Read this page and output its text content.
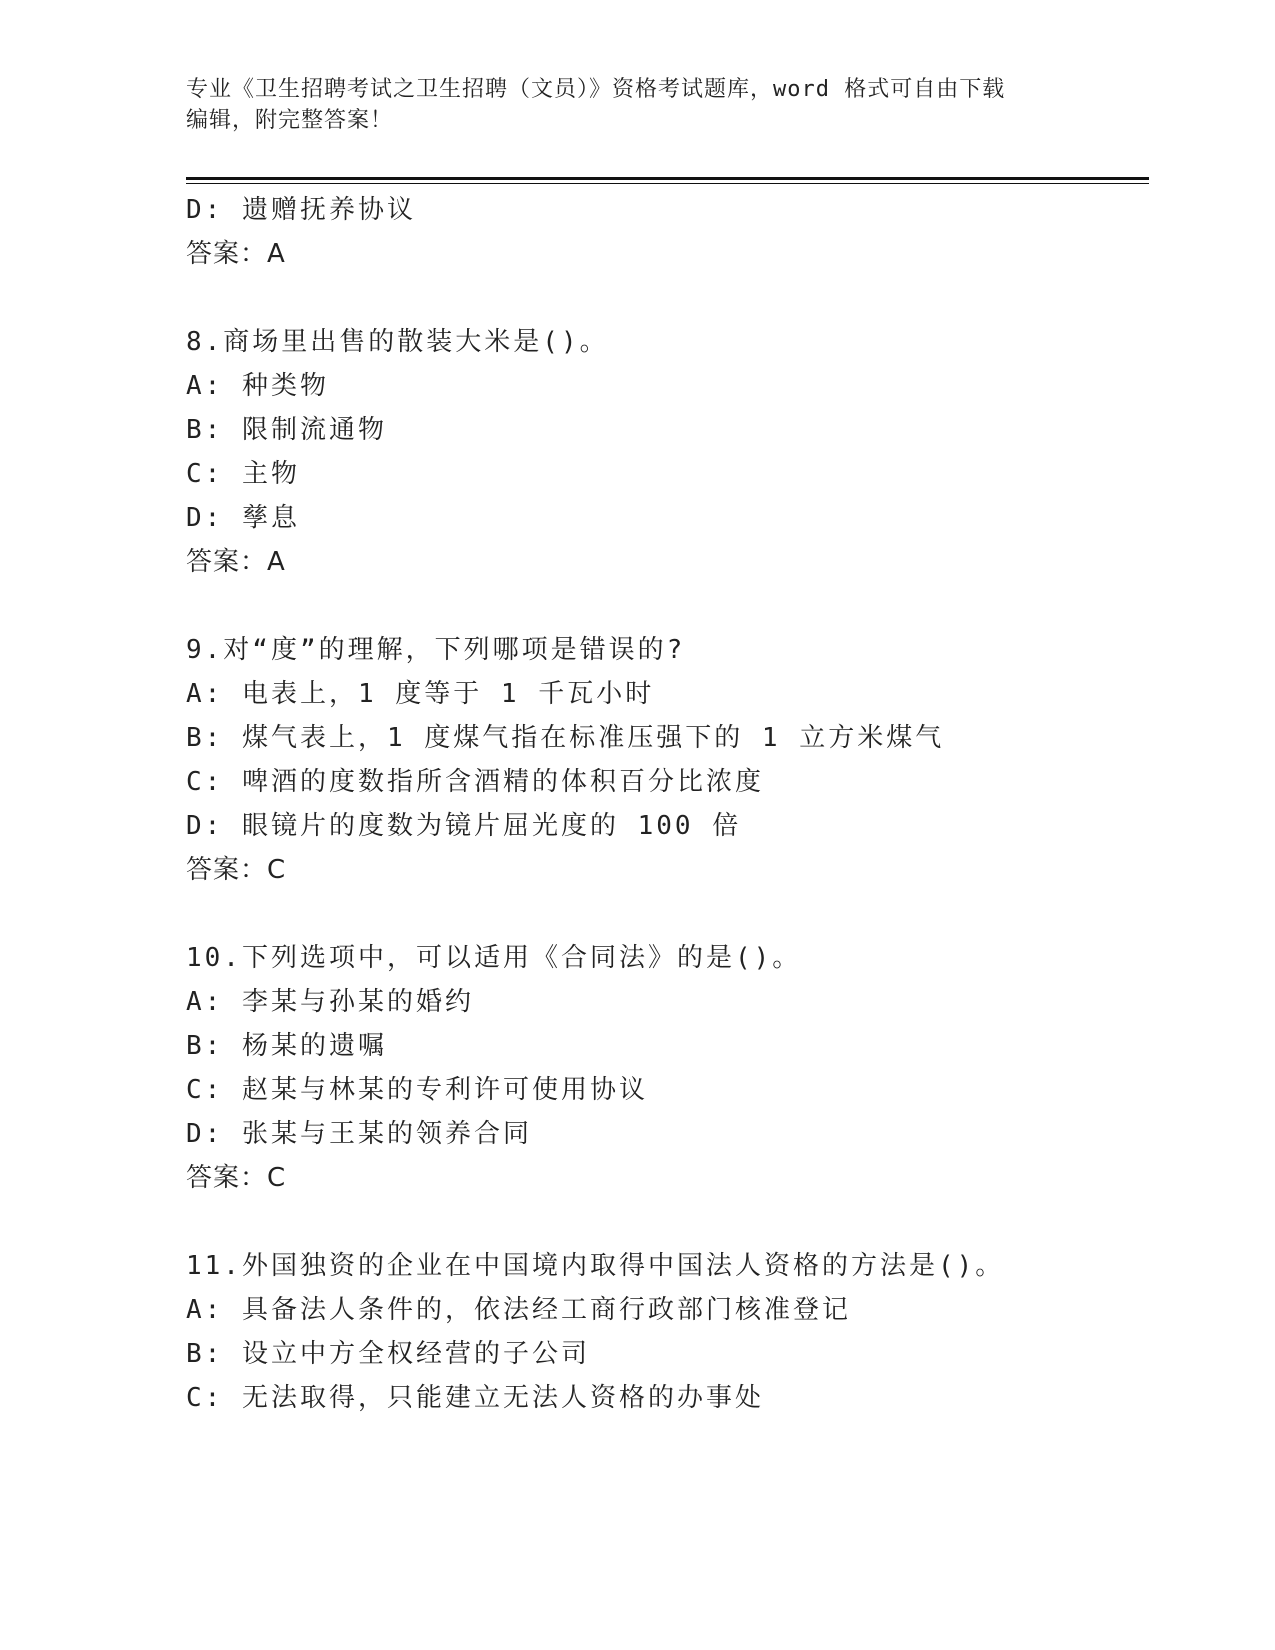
专业《卫生招聘考试之卫生招聘（文员）》资格考试题库，word 格式可自由下载
编辑，附完整答案！
D: 遗赠抚养协议
答案：A
8.商场里出售的散装大米是()。
A: 种类物
B: 限制流通物
C: 主物
D: 孳息
答案：A
9.对“度”的理解，下列哪项是错误的?
A: 电表上，1 度等于 1 千瓦小时
B: 煤气表上，1 度煤气指在标准压强下的 1 立方米煤气
C: 啤酒的度数指所含酒精的体积百分比浓度
D: 眼镜片的度数为镜片屈光度的 100 倍
答案：C
10.下列选项中，可以适用《合同法》的是()。
A: 李某与孙某的婚约
B: 杨某的遗嘱
C: 赵某与林某的专利许可使用协议
D: 张某与王某的领养合同
答案：C
11.外国独资的企业在中国境内取得中国法人资格的方法是()。
A: 具备法人条件的，依法经工商行政部门核准登记
B: 设立中方全权经营的子公司
C: 无法取得，只能建立无法人资格的办事处
